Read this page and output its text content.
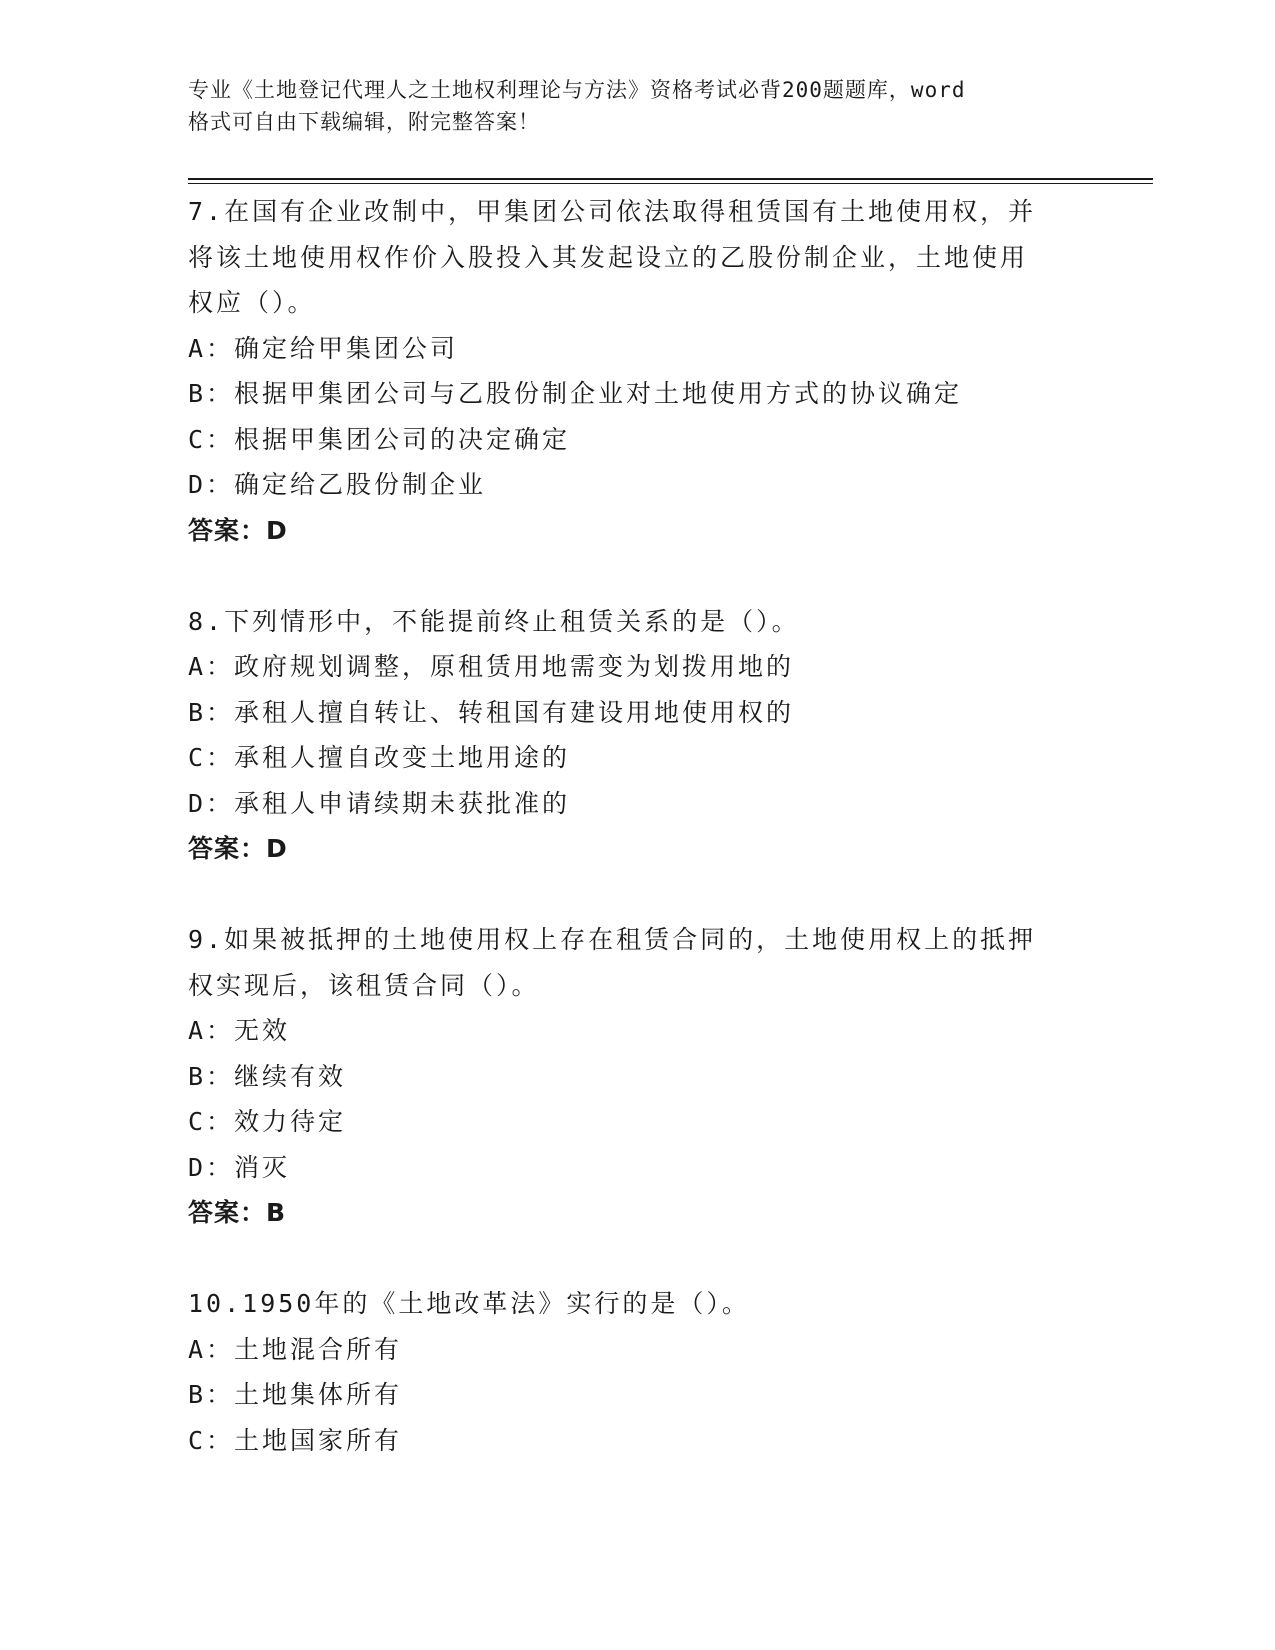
专业《土地登记代理人之土地权利理论与方法》资格考试必背200题题库，word
格式可自由下载编辑，附完整答案！
7.在国有企业改制中，甲集团公司依法取得租赁国有土地使用权，并
将该土地使用权作价入股投入其发起设立的乙股份制企业，土地使用
权应（）。
A：确定给甲集团公司
B：根据甲集团公司与乙股份制企业对土地使用方式的协议确定
C：根据甲集团公司的决定确定
D：确定给乙股份制企业
答案：D
8.下列情形中，不能提前终止租赁关系的是（）。
A：政府规划调整，原租赁用地需变为划拨用地的
B：承租人擅自转让、转租国有建设用地使用权的
C：承租人擅自改变土地用途的
D：承租人申请续期未获批准的
答案：D
9.如果被抵押的土地使用权上存在租赁合同的，土地使用权上的抵押
权实现后，该租赁合同（）。
A：无效
B：继续有效
C：效力待定
D：消灭
答案：B
10.1950年的《土地改革法》实行的是（）。
A：土地混合所有
B：土地集体所有
C：土地国家所有
